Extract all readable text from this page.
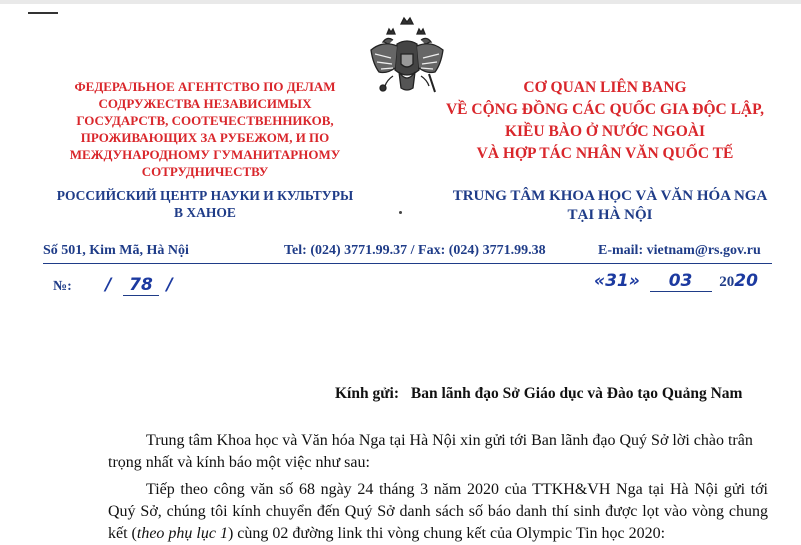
ФЕДЕРАЛЬНОЕ АГЕНТСТВО ПО ДЕЛАМ
СОДРУЖЕСТВА НЕЗАВИСИМЫХ
ГОСУДАРСТВ, СООТЕЧЕСТВЕННИКОВ,
ПРОЖИВАЮЩИХ ЗА РУБЕЖОМ, И ПО
МЕЖДУНАРОДНОМУ ГУМАНИТАРНОМУ
СОТРУДНИЧЕСТВУ
CƠ QUAN LIÊN BANG
VỀ CỘNG ĐỒNG CÁC QUỐC GIA ĐỘC LẬP,
KIỀU BÀO Ở NƯỚC NGOÀI
VÀ HỢP TÁC NHÂN VĂN QUỐC TẾ
РОССИЙСКИЙ ЦЕНТР НАУКИ И КУЛЬТУРЫ
В ХАНОЕ
TRUNG TÂM KHOA HỌC VÀ VĂN HÓA NGA
TẠI HÀ NỘI
Số 501, Kim Mã, Hà Nội	Tel: (024) 3771.99.37 / Fax: (024) 3771.99.38	E-mail: vietnam@rs.gov.ru
№: / 78 /	«31» 03 2020
Kính gửi: Ban lãnh đạo Sở Giáo dục và Đào tạo Quảng Nam
Trung tâm Khoa học và Văn hóa Nga tại Hà Nội xin gửi tới Ban lãnh đạo Quý Sở lời chào trân trọng nhất và kính báo một việc như sau:
Tiếp theo công văn số 68 ngày 24 tháng 3 năm 2020 của TTKH&VH Nga tại Hà Nội gửi tới Quý Sở, chúng tôi kính chuyển đến Quý Sở danh sách số báo danh thí sinh được lọt vào vòng chung kết (theo phụ lục 1) cùng 02 đường link thi vòng chung kết của Olympic Tin học 2020:
